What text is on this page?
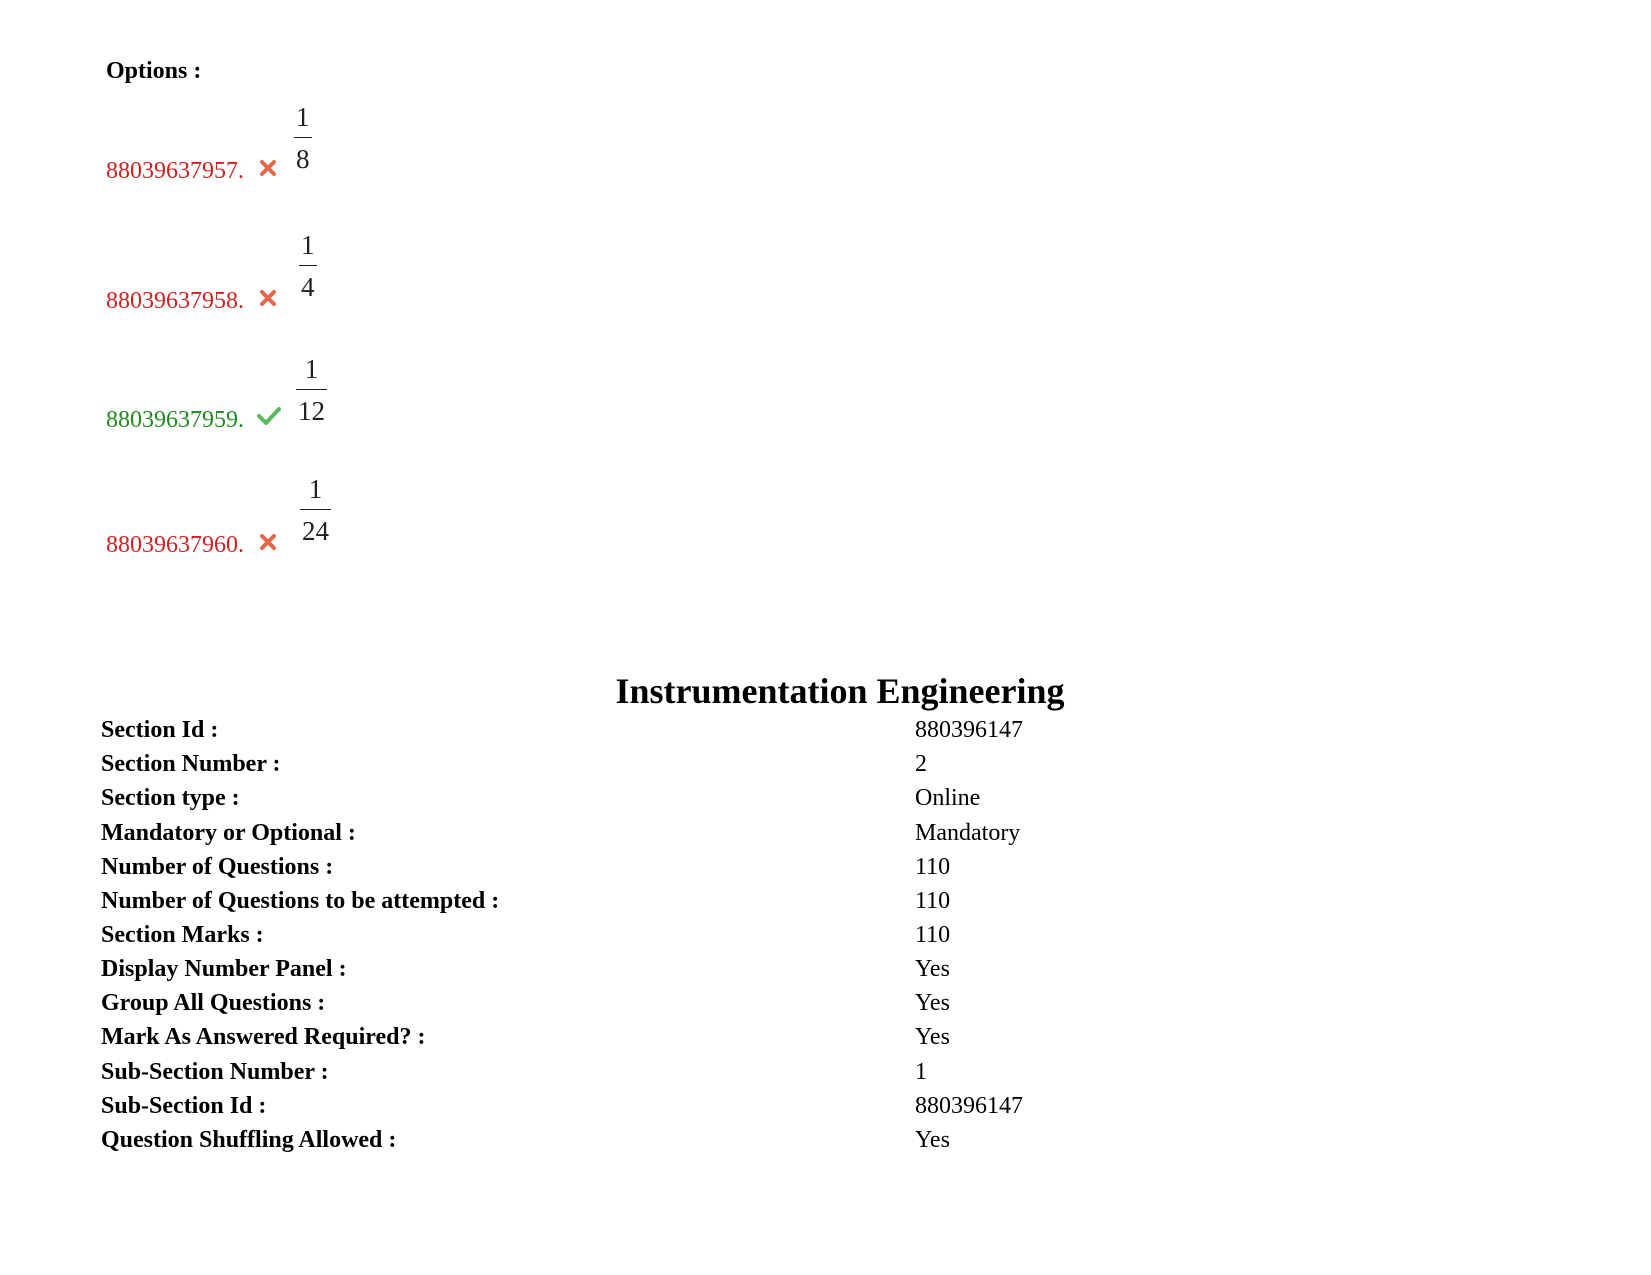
Options :
88039637957.
1
8
88039637958.
1
4
88039637959.
1
12
88039637960.
1
24
Instrumentation Engineering
Section Id :	880396147
Section Number :	2
Section type :	Online
Mandatory or Optional :	Mandatory
Number of Questions :	110
Number of Questions to be attempted :	110
Section Marks :	110
Display Number Panel :	Yes
Group All Questions :	Yes
Mark As Answered Required? :	Yes
Sub-Section Number :	1
Sub-Section Id :	880396147
Question Shuffling Allowed :	Yes
